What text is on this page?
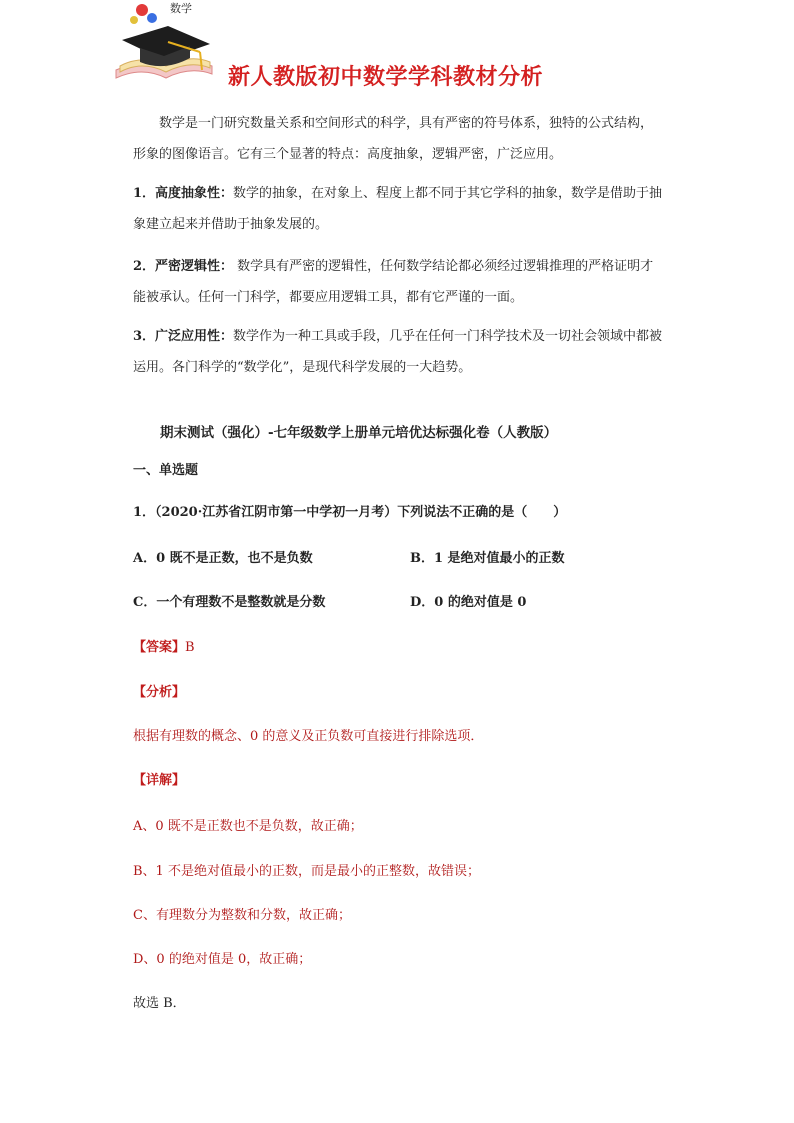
数学
新人教版初中数学学科教材分析

数学是一门研究数量关系和空间形式的科学，具有严密的符号体系，独特的公式结构，形象的图像语言。它有三个显著的特点：高度抽象，逻辑严密，广泛应用。

1．高度抽象性：数学的抽象，在对象上、程度上都不同于其它学科的抽象，数学是借助于抽象建立起来并借助于抽象发展的。

2．严密逻辑性： 数学具有严密的逻辑性，任何数学结论都必须经过逻辑推理的严格证明才能被承认。任何一门科学，都要应用逻辑工具，都有它严谨的一面。

3．广泛应用性：数学作为一种工具或手段，几乎在任何一门科学技术及一切社会领域中都被运用。各门科学的“数学化”，是现代科学发展的一大趋势。

期末测试（强化）-七年级数学上册单元培优达标强化卷（人教版）

一、单选题

1．（2020·江苏省江阴市第一中学初一月考）下列说法不正确的是（　　）

A．0 既不是正数，也不是负数	B．1 是绝对值最小的正数

C．一个有理数不是整数就是分数	D．0 的绝对值是 0

【答案】B

【分析】

根据有理数的概念、0 的意义及正负数可直接进行排除选项．

【详解】

A、0 既不是正数也不是负数，故正确；

B、1 不是绝对值最小的正数，而是最小的正整数，故错误；

C、有理数分为整数和分数，故正确；

D、0 的绝对值是 0，故正确；

故选 B．
